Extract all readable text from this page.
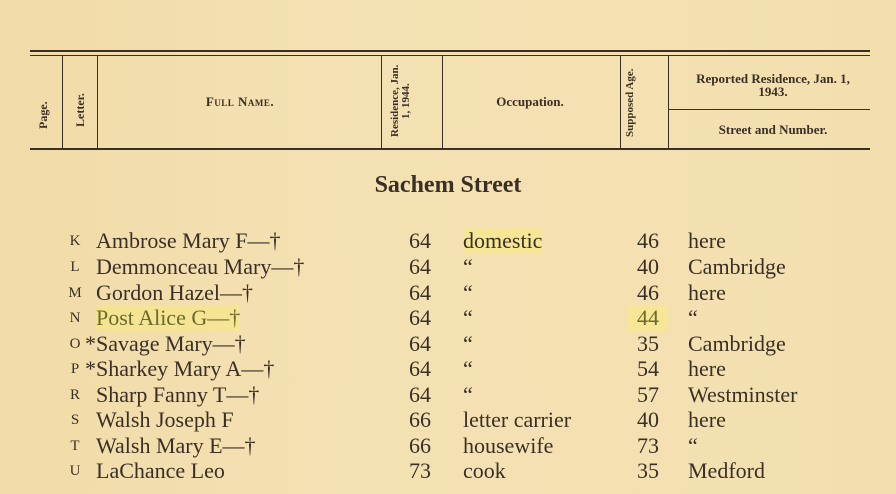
Page. Letter.	Full Name.	Residence, Jan. 1, 1944.	Occupation.	Supposed Age.	Reported Residence, Jan. 1, 1943.
Street and Number.
Sachem Street
K Ambrose Mary F—†	64	domestic	46	here
L Demmonceau Mary—†	64	“	40	Cambridge
M Gordon Hazel—†	64	“	46	here
N Post Alice G—†	64	“	44	“
O * Savage Mary—†	64	“	35	Cambridge
P * Sharkey Mary A—†	64	“	54	here
R Sharp Fanny T—†	64	“	57	Westminster
S Walsh Joseph F	66	letter carrier	40	here
T Walsh Mary E—†	66	housewife	73	“
U LaChance Leo	73	cook	35	Medford
